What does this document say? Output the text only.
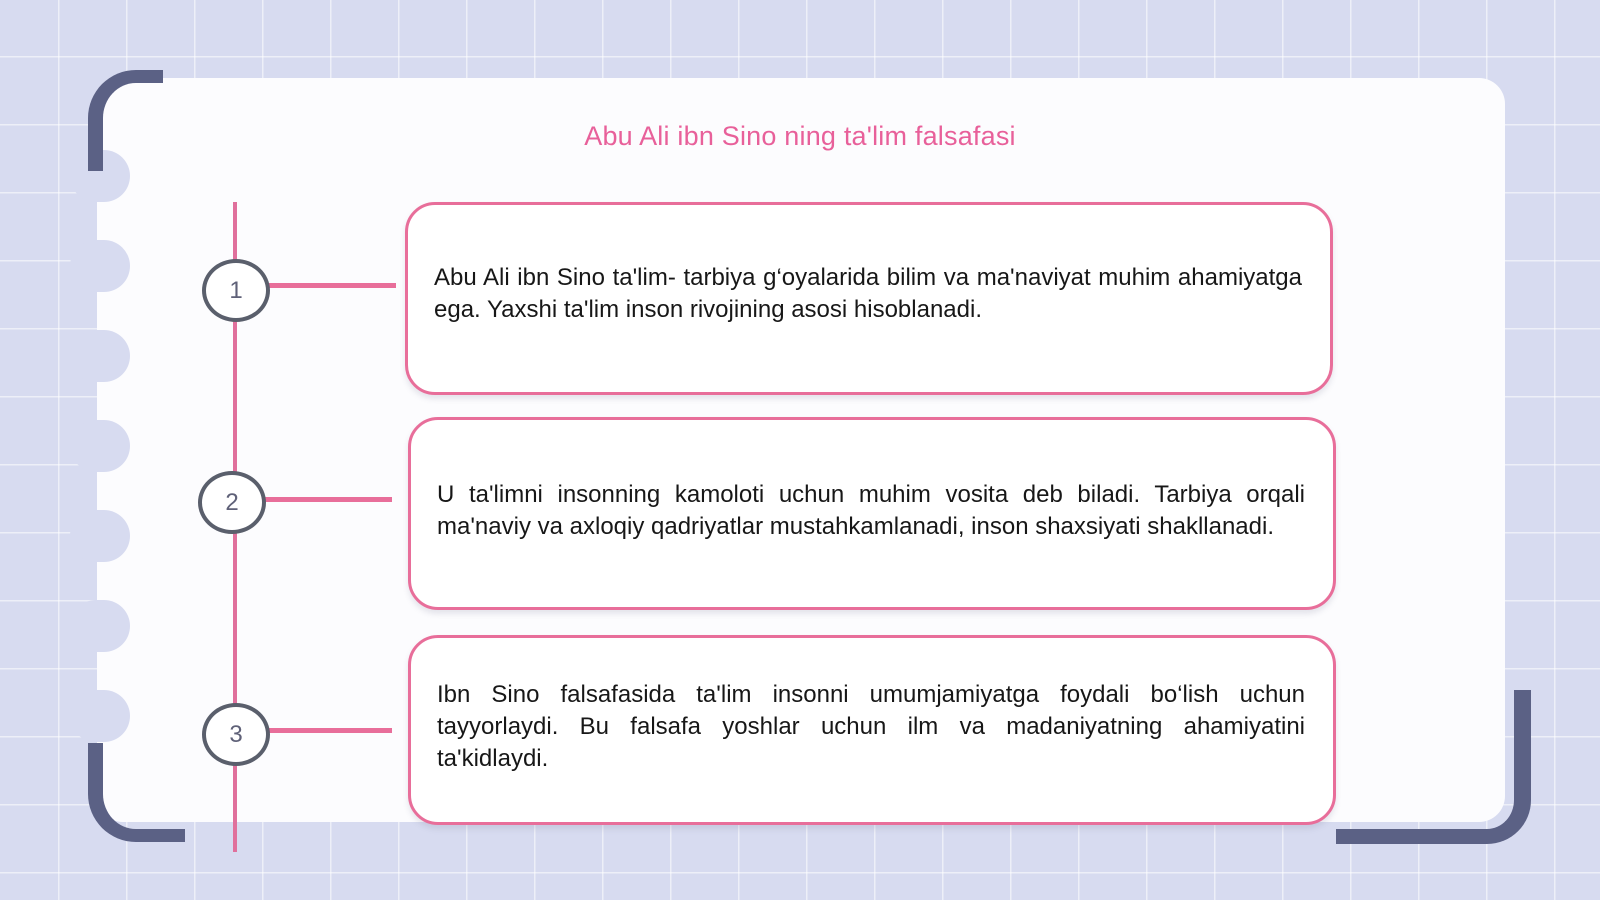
Abu Ali ibn Sino ning ta'lim falsafasi
1	Abu Ali ibn Sino ta'lim- tarbiya g‘oyalarida bilim va ma'naviyat muhim ahamiyatga ega. Yaxshi ta'lim inson rivojining asosi hisoblanadi.

2	U ta'limni insonning kamoloti uchun muhim vosita deb biladi. Tarbiya orqali ma'naviy va axloqiy qadriyatlar mustahkamlanadi, inson shaxsiyati shakllanadi.

3

Ibn Sino falsafasida ta'lim insonni umumjamiyatga foydali bo‘lish uchun tayyorlaydi. Bu falsafa yoshlar uchun ilm va madaniyatning ahamiyatini ta'kidlaydi.
